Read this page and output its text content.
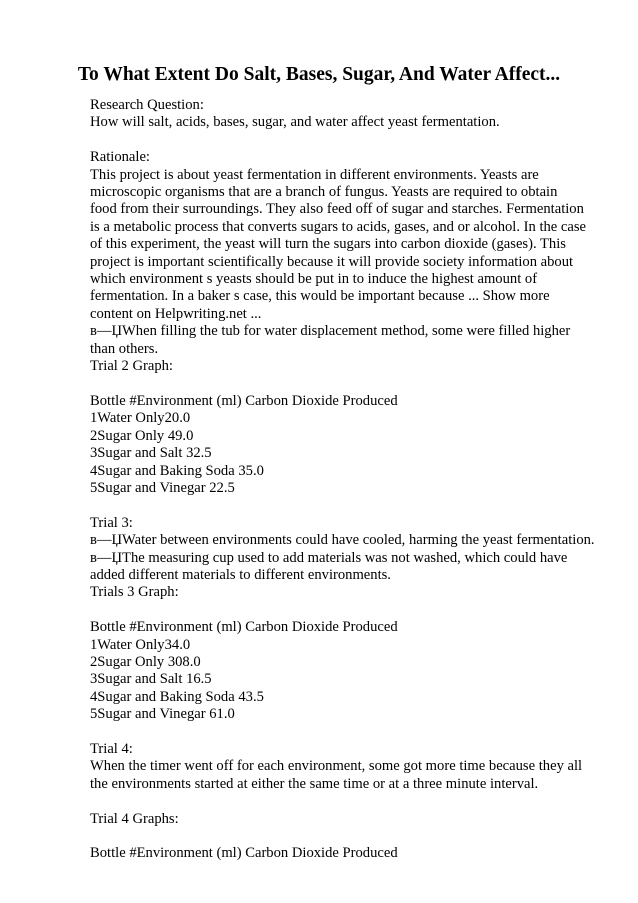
To What Extent Do Salt, Bases, Sugar, And Water Affect...
Research Question:
How will salt, acids, bases, sugar, and water affect yeast fermentation.
Rationale:
This project is about yeast fermentation in different environments. Yeasts are
microscopic organisms that are a branch of fungus. Yeasts are required to obtain
food from their surroundings. They also feed off of sugar and starches. Fermentation
is a metabolic process that converts sugars to acids, gases, and or alcohol. In the case
of this experiment, the yeast will turn the sugars into carbon dioxide (gases). This
project is important scientifically because it will provide society information about
which environment s yeasts should be put in to induce the highest amount of
fermentation. In a baker s case, this would be important because ... Show more
content on Helpwriting.net ...
в—ЏWhen filling the tub for water displacement method, some were filled higher
than others.
Trial 2 Graph:
Bottle #Environment (ml) Carbon Dioxide Produced
1Water Only20.0
2Sugar Only 49.0
3Sugar and Salt 32.5
4Sugar and Baking Soda 35.0
5Sugar and Vinegar 22.5
Trial 3:
в—ЏWater between environments could have cooled, harming the yeast fermentation.
в—ЏThe measuring cup used to add materials was not washed, which could have
added different materials to different environments.
Trials 3 Graph:
Bottle #Environment (ml) Carbon Dioxide Produced
1Water Only34.0
2Sugar Only 308.0
3Sugar and Salt 16.5
4Sugar and Baking Soda 43.5
5Sugar and Vinegar 61.0
Trial 4:
When the timer went off for each environment, some got more time because they all
the environments started at either the same time or at a three minute interval.
Trial 4 Graphs:
Bottle #Environment (ml) Carbon Dioxide Produced
